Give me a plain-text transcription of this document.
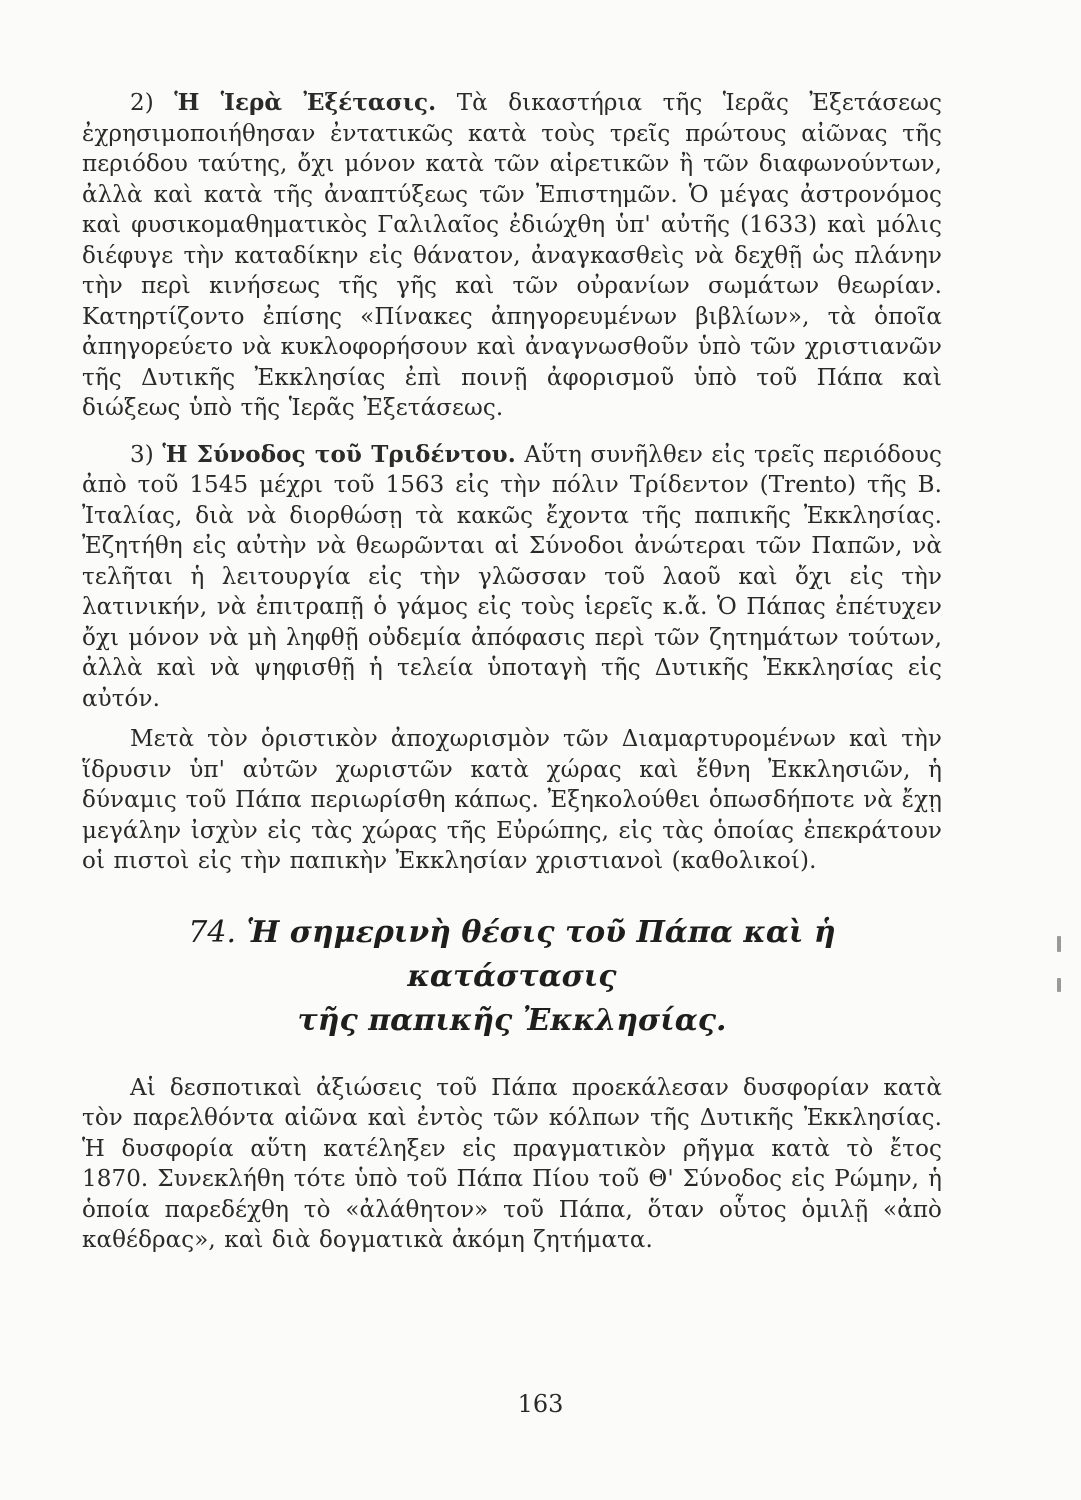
2) Ἡ Ἱερὰ Ἐξέτασις. Τὰ δικαστήρια τῆς Ἱερᾶς Ἐξετάσεως ἐχρησιμοποιήθησαν ἐντατικῶς κατὰ τοὺς τρεῖς πρώτους αἰῶνας τῆς περιόδου ταύτης, ὄχι μόνον κατὰ τῶν αἱρετικῶν ἢ τῶν διαφωνούντων, ἀλλὰ καὶ κατὰ τῆς ἀναπτύξεως τῶν Ἐπιστημῶν. Ὁ μέγας ἀστρονόμος καὶ φυσικομαθηματικὸς Γαλιλαῖος ἐδιώχθη ὑπ' αὐτῆς (1633) καὶ μόλις διέφυγε τὴν καταδίκην εἰς θάνατον, ἀναγκασθεὶς νὰ δεχθῇ ὡς πλάνην τὴν περὶ κινήσεως τῆς γῆς καὶ τῶν οὐρανίων σωμάτων θεωρίαν. Κατηρτίζοντο ἐπίσης «Πίνακες ἀπηγορευμένων βιβλίων», τὰ ὁποῖα ἀπηγορεύετο νὰ κυκλοφορήσουν καὶ ἀναγνωσθοῦν ὑπὸ τῶν χριστιανῶν τῆς Δυτικῆς Ἐκκλησίας ἐπὶ ποινῇ ἀφορισμοῦ ὑπὸ τοῦ Πάπα καὶ διώξεως ὑπὸ τῆς Ἱερᾶς Ἐξετάσεως.

3) Ἡ Σύνοδος τοῦ Τριδέντου. Αὕτη συνῆλθεν εἰς τρεῖς περιόδους ἀπὸ τοῦ 1545 μέχρι τοῦ 1563 εἰς τὴν πόλιν Τρίδεντον (Trento) τῆς Β. Ἰταλίας, διὰ νὰ διορθώσῃ τὰ κακῶς ἔχοντα τῆς παπικῆς Ἐκκλησίας. Ἐζητήθη εἰς αὐτὴν νὰ θεωρῶνται αἱ Σύνοδοι ἀνώτεραι τῶν Παπῶν, νὰ τελῆται ἡ λειτουργία εἰς τὴν γλῶσσαν τοῦ λαοῦ καὶ ὄχι εἰς τὴν λατινικήν, νὰ ἐπιτραπῇ ὁ γάμος εἰς τοὺς ἱερεῖς κ.ἄ. Ὁ Πάπας ἐπέτυχεν ὄχι μόνον νὰ μὴ ληφθῇ οὐδεμία ἀπόφασις περὶ τῶν ζητημάτων τούτων, ἀλλὰ καὶ νὰ ψηφισθῇ ἡ τελεία ὑποταγὴ τῆς Δυτικῆς Ἐκκλησίας εἰς αὐτόν.

Μετὰ τὸν ὁριστικὸν ἀποχωρισμὸν τῶν Διαμαρτυρομένων καὶ τὴν ἵδρυσιν ὑπ' αὐτῶν χωριστῶν κατὰ χώρας καὶ ἔθνη Ἐκκλησιῶν, ἡ δύναμις τοῦ Πάπα περιωρίσθη κάπως. Ἐξηκολούθει ὁπωσδήποτε νὰ ἔχῃ μεγάλην ἰσχὺν εἰς τὰς χώρας τῆς Εὐρώπης, εἰς τὰς ὁποίας ἐπεκράτουν οἱ πιστοὶ εἰς τὴν παπικὴν Ἐκκλησίαν χριστιανοὶ (καθολικοί).

74. Ἡ σημερινὴ θέσις τοῦ Πάπα καὶ ἡ κατάστασις
τῆς παπικῆς Ἐκκλησίας.

Αἱ δεσποτικαὶ ἀξιώσεις τοῦ Πάπα προεκάλεσαν δυσφορίαν κατὰ τὸν παρελθόντα αἰῶνα καὶ ἐντὸς τῶν κόλπων τῆς Δυτικῆς Ἐκκλησίας. Ἡ δυσφορία αὕτη κατέληξεν εἰς πραγματικὸν ρῆγμα κατὰ τὸ ἔτος 1870. Συνεκλήθη τότε ὑπὸ τοῦ Πάπα Πίου τοῦ Θ' Σύνοδος εἰς Ρώμην, ἡ ὁποία παρεδέχθη τὸ «ἀλάθητον» τοῦ Πάπα, ὅταν οὗτος ὁμιλῇ «ἀπὸ καθέδρας», καὶ διὰ δογματικὰ ἀκόμη ζητήματα.

163
